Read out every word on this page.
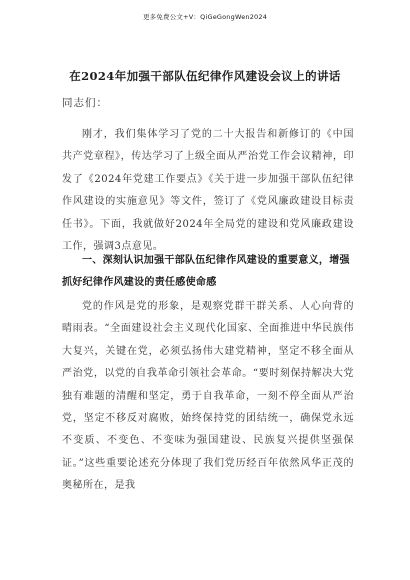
更多免费公文+V：QiGeGongWen2024
在2024年加强干部队伍纪律作风建设会议上的讲话
同志们：
刚才，我们集体学习了党的二十大报告和新修订的《中国共产党章程》，传达学习了上级全面从严治党工作会议精神，印发了《2024年党建工作要点》《关于进一步加强干部队伍纪律作风建设的实施意见》等文件，签订了《党风廉政建设目标责任书》。下面，我就做好2024年全局党的建设和党风廉政建设工作，强调3点意见。
一、深刻认识加强干部队伍纪律作风建设的重要意义，增强抓好纪律作风建设的责任感使命感
党的作风是党的形象，是观察党群干群关系、人心向背的晴雨表。“全面建设社会主义现代化国家、全面推进中华民族伟大复兴，关键在党，必须弘扬伟大建党精神，坚定不移全面从严治党，以党的自我革命引领社会革命。“要时刻保持解决大党独有难题的清醒和坚定，勇于自我革命，一刻不停全面从严治党，坚定不移反对腐败，始终保持党的团结统一，确保党永远不变质、不变色、不变味为强国建设、民族复兴提供坚强保证。”这些重要论述充分体现了我们党历经百年依然风华正茂的奥秘所在，是我
